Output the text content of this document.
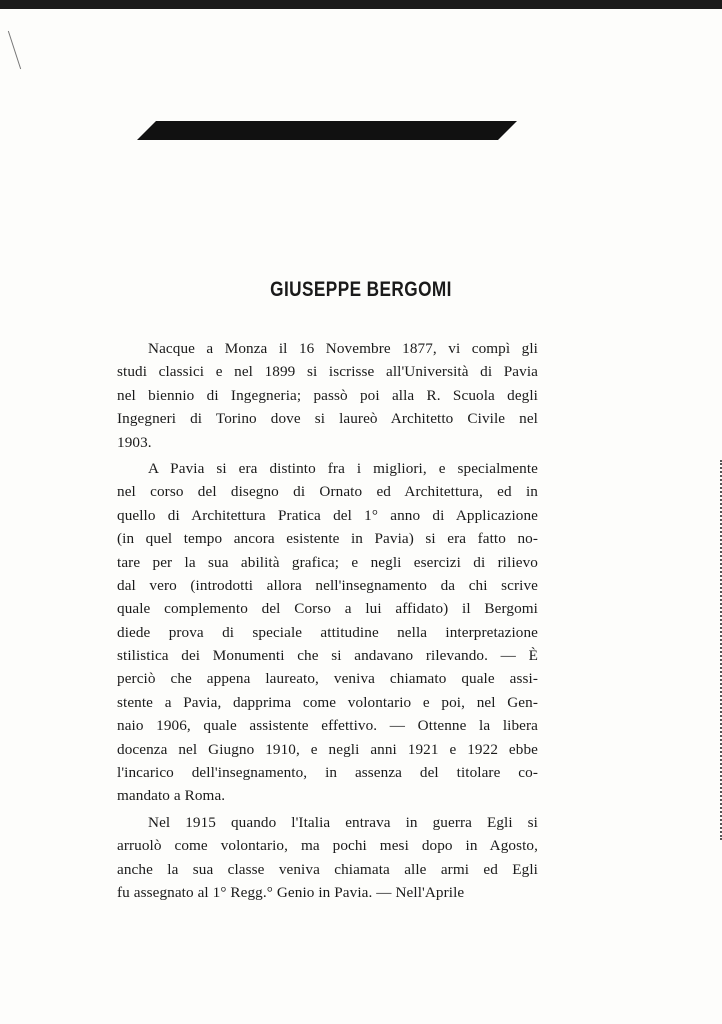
GIUSEPPE BERGOMI
Nacque a Monza il 16 Novembre 1877, vi compì gli
studi classici e nel 1899 si iscrisse all'Università di Pavia
nel biennio di Ingegneria; passò poi alla R. Scuola degli
Ingegneri di Torino dove si laureò Architetto Civile nel
1903.
A Pavia si era distinto fra i migliori, e specialmente
nel corso del disegno di Ornato ed Architettura, ed in
quello di Architettura Pratica del 1° anno di Applicazione
(in quel tempo ancora esistente in Pavia) si era fatto no-
tare per la sua abilità grafica; e negli esercizi di rilievo
dal vero (introdotti allora nell'insegnamento da chi scrive
quale complemento del Corso a lui affidato) il Bergomi
diede prova di speciale attitudine nella interpretazione
stilistica dei Monumenti che si andavano rilevando. — È
perciò che appena laureato, veniva chiamato quale assi-
stente a Pavia, dapprima come volontario e poi, nel Gen-
naio 1906, quale assistente effettivo. — Ottenne la libera
docenza nel Giugno 1910, e negli anni 1921 e 1922 ebbe
l'incarico dell'insegnamento, in assenza del titolare co-
mandato a Roma.
Nel 1915 quando l'Italia entrava in guerra Egli si
arruolò come volontario, ma pochi mesi dopo in Agosto,
anche la sua classe veniva chiamata alle armi ed Egli
fu assegnato al 1° Regg.° Genio in Pavia. — Nell'Aprile
